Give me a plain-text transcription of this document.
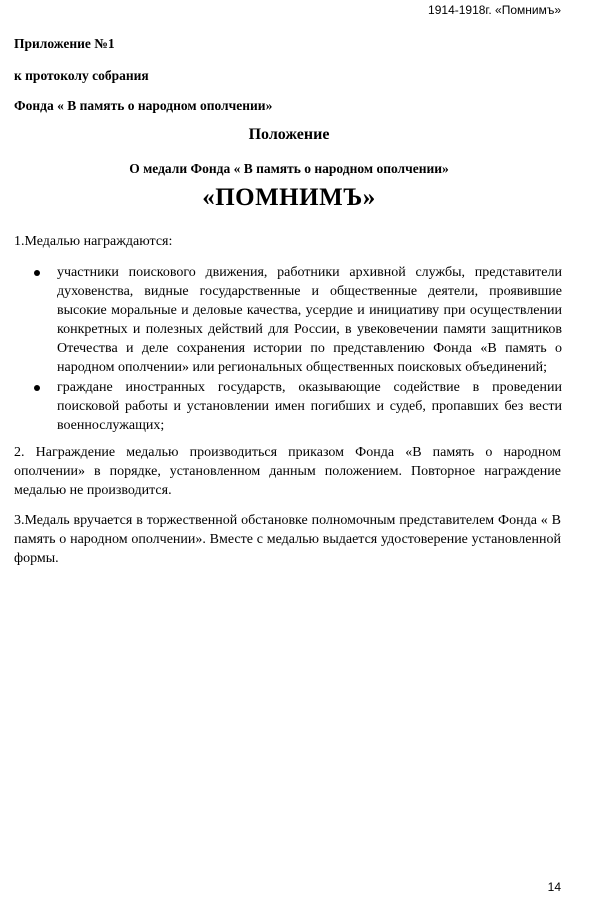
1914-1918г. «Помнимъ»
Приложение №1
к протоколу собрания
Фонда « В память о народном ополчении»
Положение
О медали Фонда « В память о народном ополчении»
«ПОМНИМЪ»
1.Медалью награждаются:
участники поискового движения, работники архивной службы, представители духовенства, видные государственные и общественные деятели, проявившие высокие моральные и деловые качества, усердие и инициативу при осуществлении конкретных и полезных действий для России, в увековечении памяти защитников Отечества и деле сохранения истории по представлению Фонда «В память о народном ополчении» или региональных общественных поисковых объединений;
граждане иностранных государств, оказывающие содействие в проведении поисковой работы и установлении имен погибших и судеб, пропавших без вести военнослужащих;
2. Награждение медалью производиться приказом Фонда «В память о народном ополчении» в порядке, установленном данным положением. Повторное награждение медалью не производится.
3.Медаль вручается в торжественной обстановке полномочным представителем Фонда « В память о народном ополчении». Вместе с медалью выдается удостоверение установленной формы.
14
